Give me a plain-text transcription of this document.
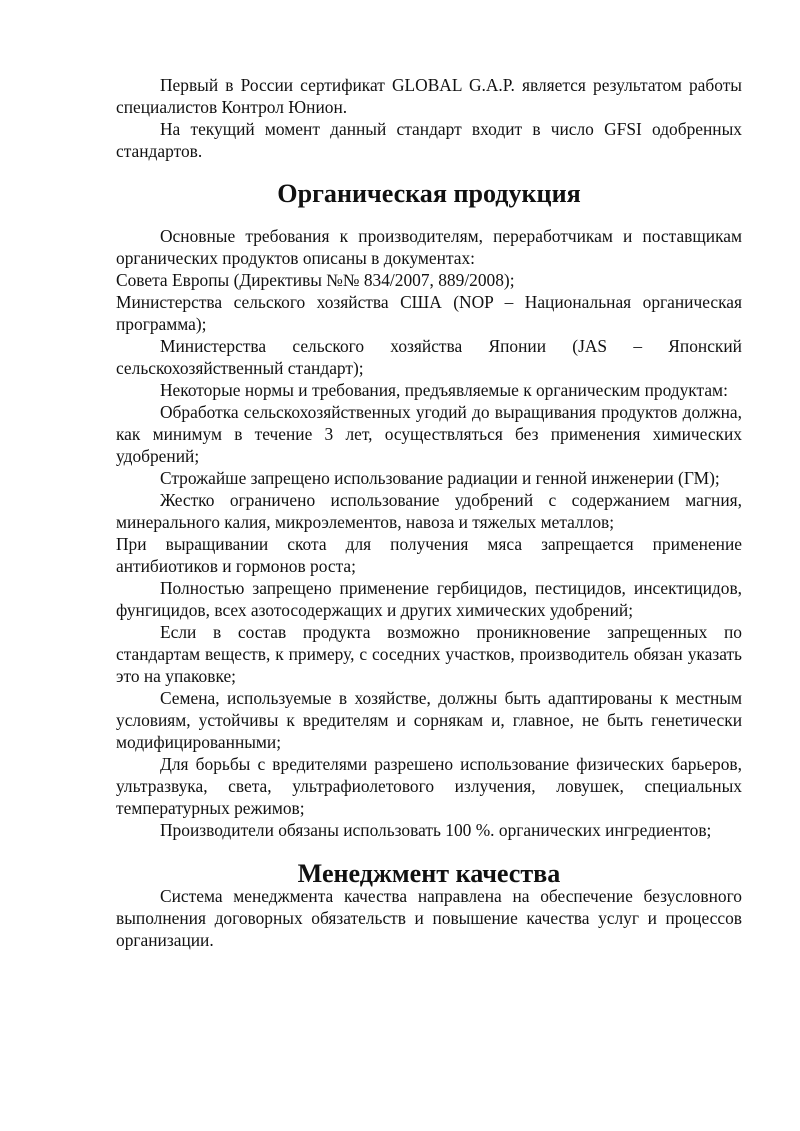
Первый в России сертификат GLOBAL G.A.P. является результатом работы специалистов Контрол Юнион.

На текущий момент данный стандарт входит в число GFSI одобренных стандартов.

Органическая продукция

Основные требования к производителям, переработчикам и поставщикам органических продуктов описаны в документах:

Совета Европы (Директивы №№ 834/2007, 889/2008);

Министерства сельского хозяйства США (NOP – Национальная органическая программа);

Министерства сельского хозяйства Японии (JAS – Японский сельскохозяйственный стандарт);

Некоторые нормы и требования, предъявляемые к органическим продуктам:

Обработка сельскохозяйственных угодий до выращивания продуктов должна, как минимум в течение 3 лет, осуществляться без применения химических удобрений;

Строжайше запрещено использование радиации и генной инженерии (ГМ);

Жестко ограничено использование удобрений с содержанием магния, минерального калия, микроэлементов, навоза и тяжелых металлов;

При выращивании скота для получения мяса запрещается применение антибиотиков и гормонов роста;

Полностью запрещено применение гербицидов, пестицидов, инсектицидов, фунгицидов, всех азотосодержащих и других химических удобрений;

Если в состав продукта возможно проникновение запрещенных по стандартам веществ, к примеру, с соседних участков, производитель обязан указать это на упаковке;

Семена, используемые в хозяйстве, должны быть адаптированы к местным условиям, устойчивы к вредителям и сорнякам и, главное, не быть генетически модифицированными;

Для борьбы с вредителями разрешено использование физических барьеров, ультразвука, света, ультрафиолетового излучения, ловушек, специальных температурных режимов;

Производители обязаны использовать 100 %. органических ингредиентов;

Менеджмент качества

Система менеджмента качества направлена на обеспечение безусловного выполнения договорных обязательств и повышение качества услуг и процессов организации.
